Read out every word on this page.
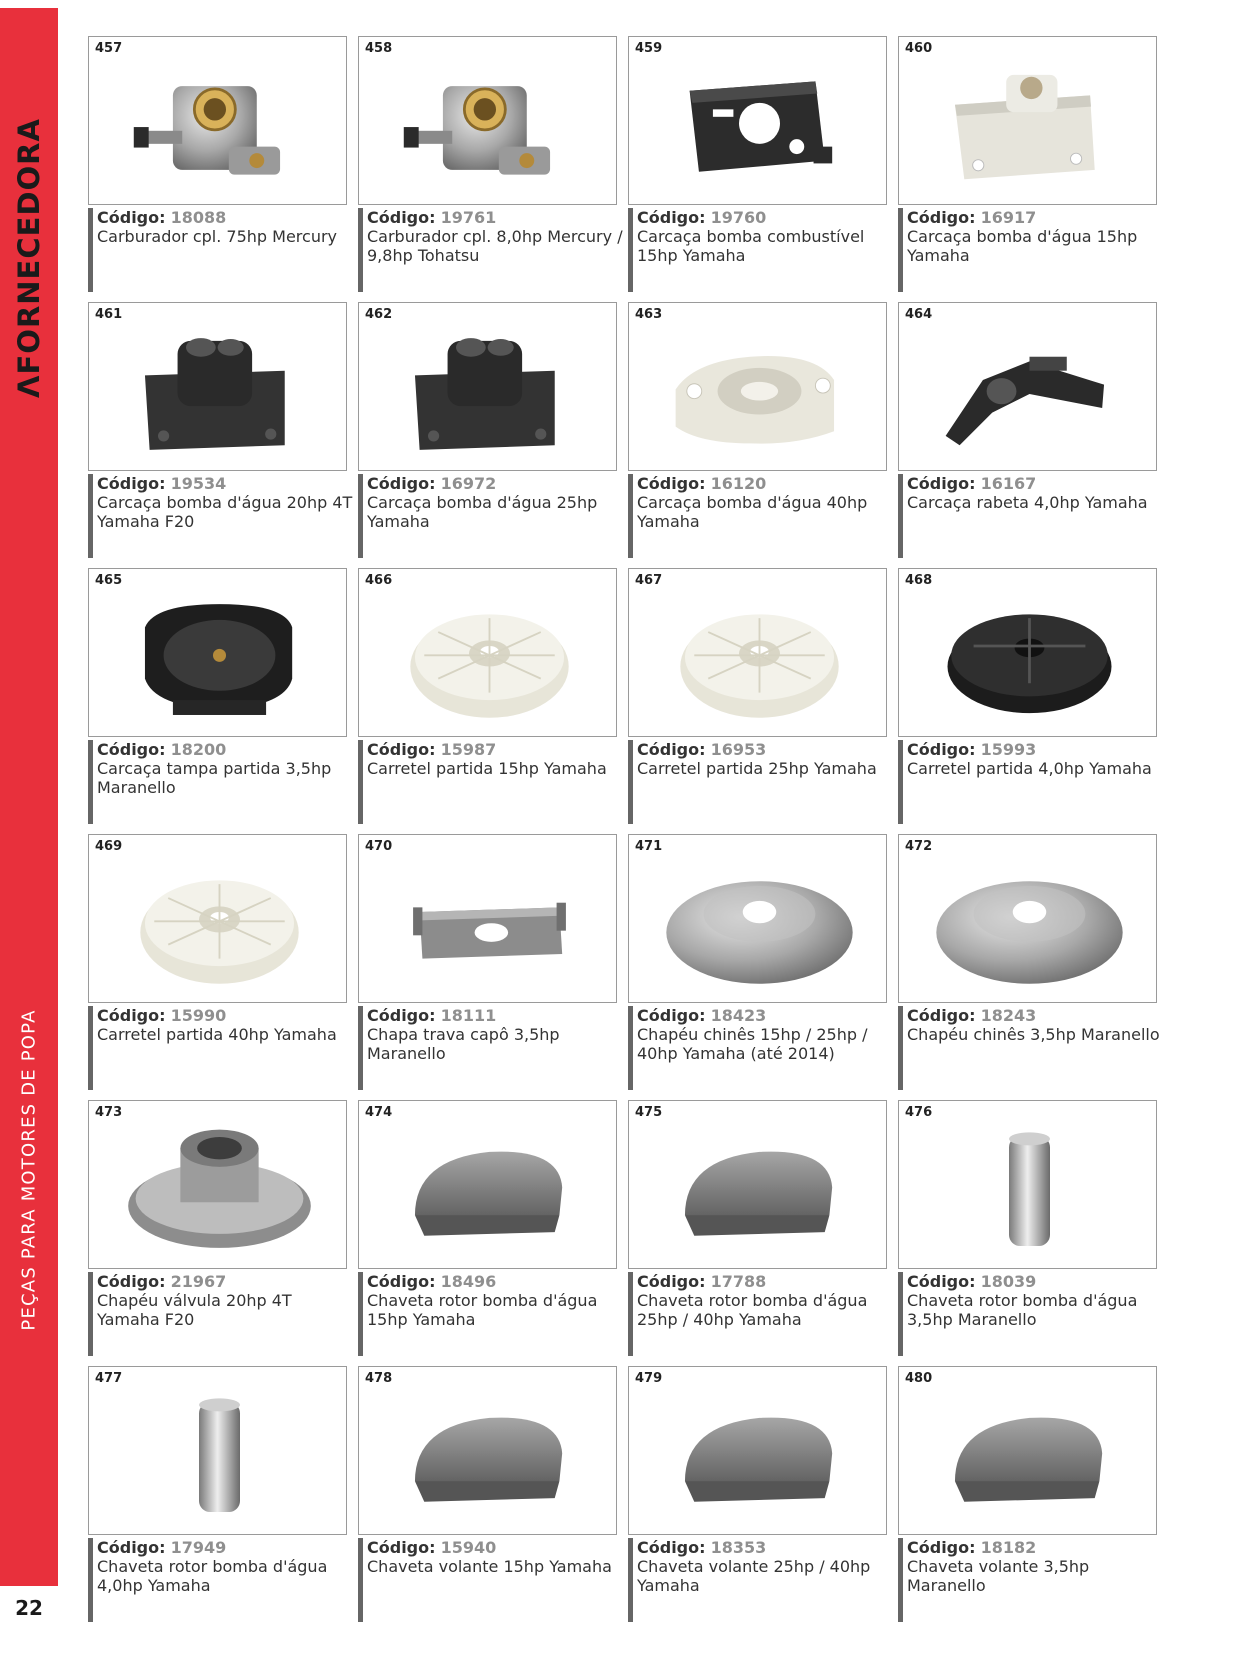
ΛFORNECEDORA
PEÇAS PARA MOTORES DE POPA
22
457
Código: 18088
Carburador cpl. 75hp Mercury
458
Código: 19761
Carburador cpl. 8,0hp Mercury / 9,8hp Tohatsu
459
Código: 19760
Carcaça bomba combustível 15hp Yamaha
460
Código: 16917
Carcaça bomba d'água 15hp Yamaha
461
Código: 19534
Carcaça bomba d'água 20hp 4T Yamaha F20
462
Código: 16972
Carcaça bomba d'água 25hp Yamaha
463
Código: 16120
Carcaça bomba d'água 40hp Yamaha
464
Código: 16167
Carcaça rabeta 4,0hp Yamaha
465
Código: 18200
Carcaça tampa partida 3,5hp Maranello
466
Código: 15987
Carretel partida 15hp Yamaha
467
Código: 16953
Carretel partida 25hp Yamaha
468
Código: 15993
Carretel partida 4,0hp Yamaha
469
Código: 15990
Carretel partida 40hp Yamaha
470
Código: 18111
Chapa trava capô 3,5hp Maranello
471
Código: 18423
Chapéu chinês 15hp / 25hp / 40hp Yamaha (até 2014)
472
Código: 18243
Chapéu chinês 3,5hp Maranello
473
Código: 21967
Chapéu válvula 20hp 4T Yamaha F20
474
Código: 18496
Chaveta rotor bomba d'água 15hp Yamaha
475
Código: 17788
Chaveta rotor bomba d'água 25hp / 40hp Yamaha
476
Código: 18039
Chaveta rotor bomba d'água 3,5hp Maranello
477
Código: 17949
Chaveta rotor bomba d'água 4,0hp Yamaha
478
Código: 15940
Chaveta volante 15hp Yamaha
479
Código: 18353
Chaveta volante 25hp / 40hp Yamaha
480
Código: 18182
Chaveta volante 3,5hp Maranello
